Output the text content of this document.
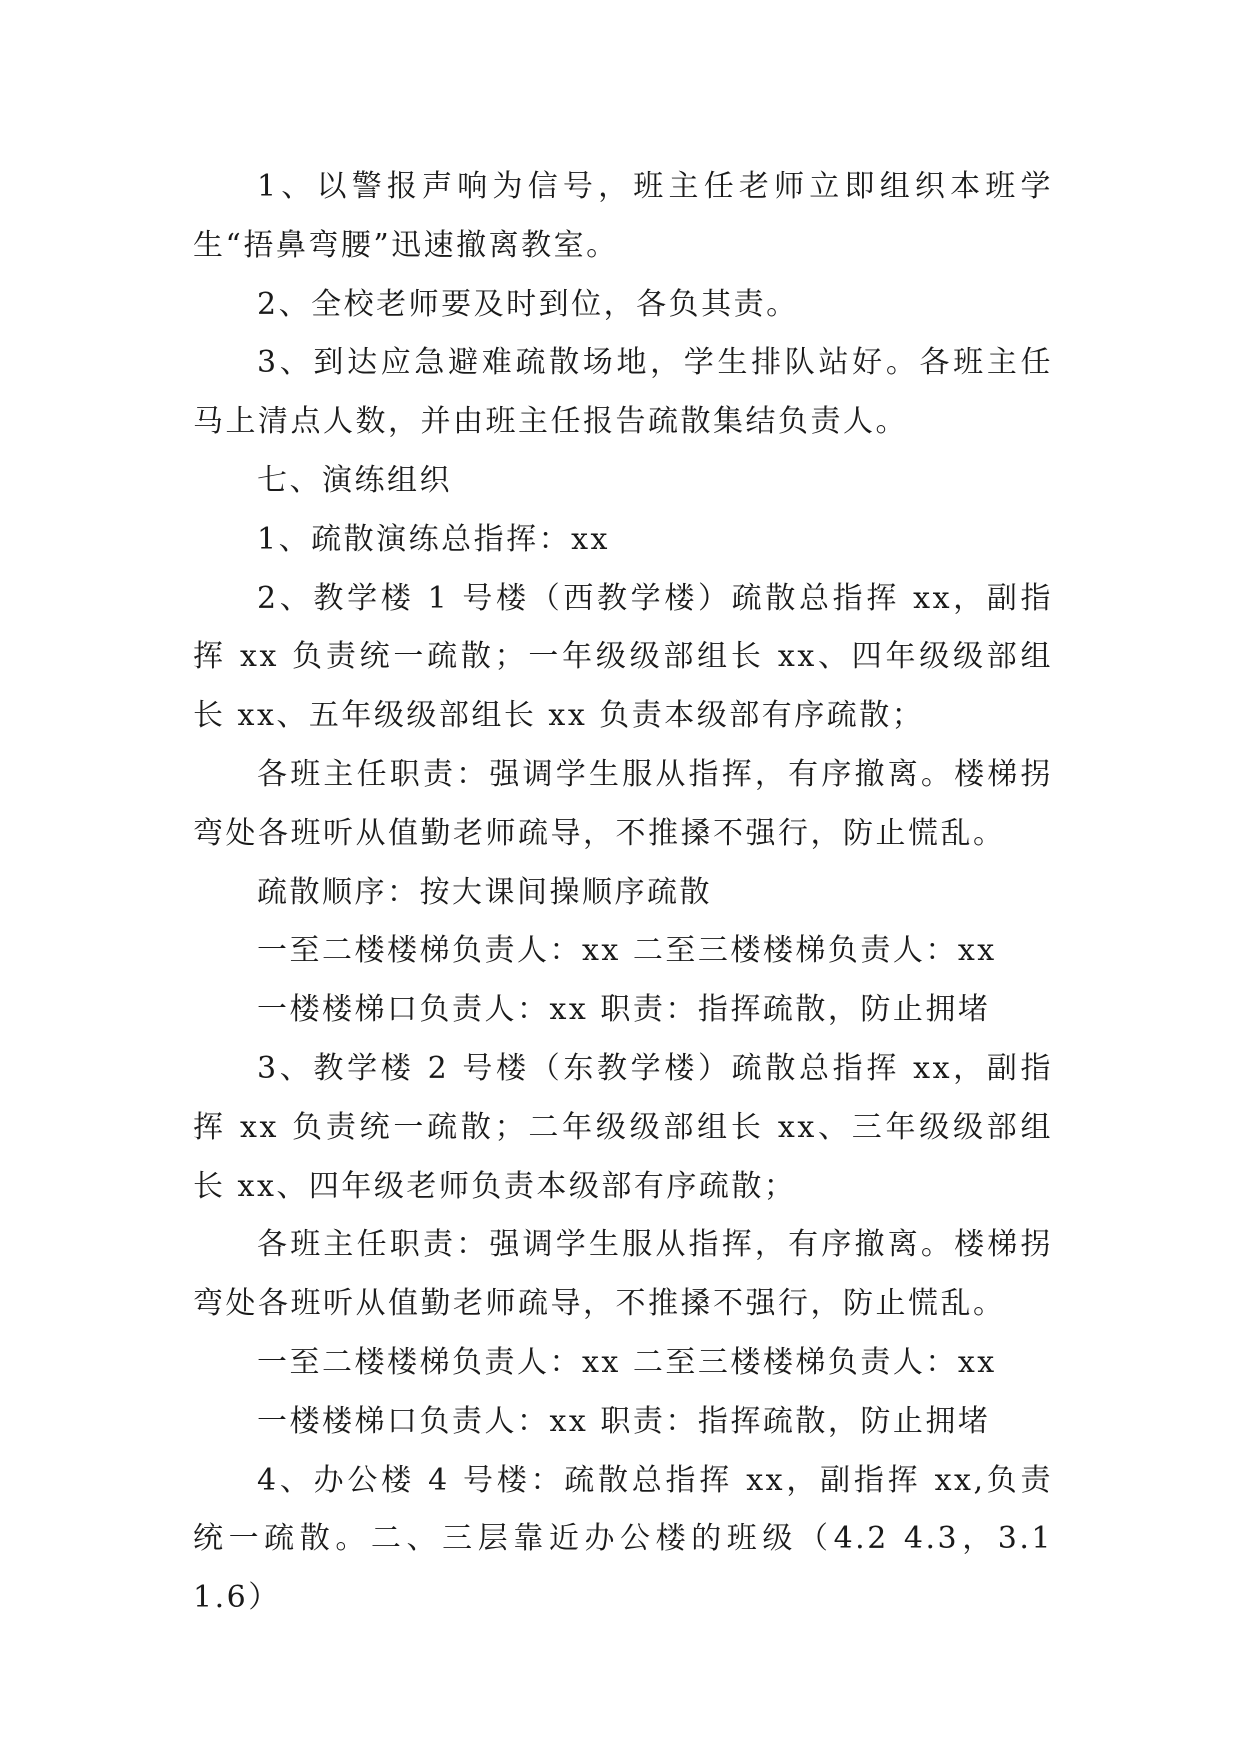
1、以警报声响为信号，班主任老师立即组织本班学生“捂鼻弯腰”迅速撤离教室。

2、全校老师要及时到位，各负其责。

3、到达应急避难疏散场地，学生排队站好。各班主任马上清点人数，并由班主任报告疏散集结负责人。

七、演练组织

1、疏散演练总指挥：xx

2、教学楼 1 号楼（西教学楼）疏散总指挥 xx，副指挥 xx 负责统一疏散；一年级级部组长 xx、四年级级部组长 xx、五年级级部组长 xx 负责本级部有序疏散；

各班主任职责：强调学生服从指挥，有序撤离。楼梯拐弯处各班听从值勤老师疏导，不推搡不强行，防止慌乱。

疏散顺序：按大课间操顺序疏散

一至二楼楼梯负责人：xx 二至三楼楼梯负责人：xx

一楼楼梯口负责人：xx 职责：指挥疏散，防止拥堵

3、教学楼 2 号楼（东教学楼）疏散总指挥 xx，副指挥 xx 负责统一疏散；二年级级部组长 xx、三年级级部组长 xx、四年级老师负责本级部有序疏散；

各班主任职责：强调学生服从指挥，有序撤离。楼梯拐弯处各班听从值勤老师疏导，不推搡不强行，防止慌乱。

一至二楼楼梯负责人：xx 二至三楼楼梯负责人：xx

一楼楼梯口负责人：xx 职责：指挥疏散，防止拥堵

4、办公楼 4 号楼：疏散总指挥 xx，副指挥 xx,负责统一疏散。二、三层靠近办公楼的班级（4.2 4.3，3.1 1.6）
